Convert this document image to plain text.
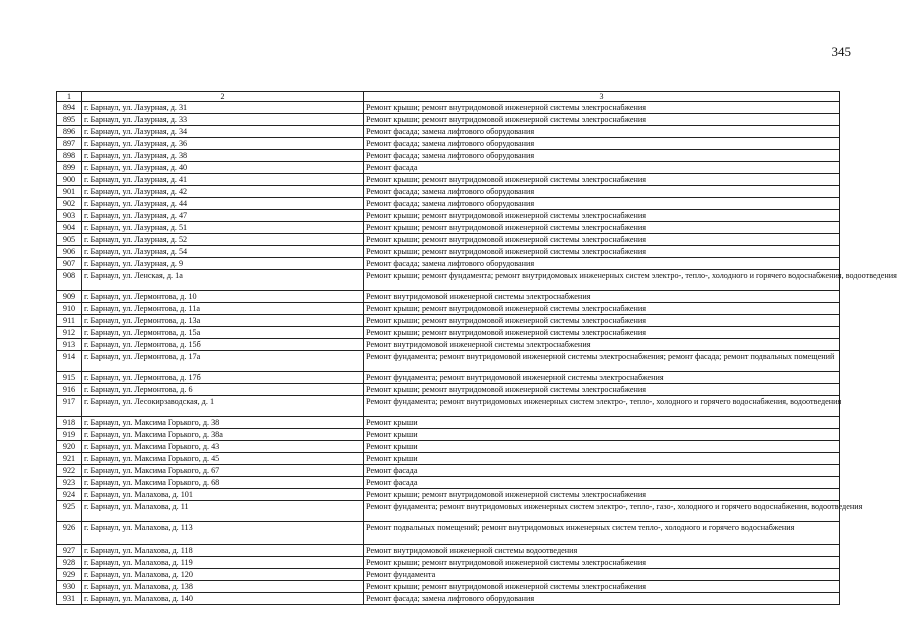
345
1	2	3
894	г. Барнаул, ул. Лазурная, д. 31	Ремонт крыши; ремонт внутридомовой инженерной системы электроснабжения
895	г. Барнаул, ул. Лазурная, д. 33	Ремонт крыши; ремонт внутридомовой инженерной системы электроснабжения
896	г. Барнаул, ул. Лазурная, д. 34	Ремонт фасада; замена лифтового оборудования
897	г. Барнаул, ул. Лазурная, д. 36	Ремонт фасада; замена лифтового оборудования
898	г. Барнаул, ул. Лазурная, д. 38	Ремонт фасада; замена лифтового оборудования
899	г. Барнаул, ул. Лазурная, д. 40	Ремонт фасада
900	г. Барнаул, ул. Лазурная, д. 41	Ремонт крыши; ремонт внутридомовой инженерной системы электроснабжения
901	г. Барнаул, ул. Лазурная, д. 42	Ремонт фасада; замена лифтового оборудования
902	г. Барнаул, ул. Лазурная, д. 44	Ремонт фасада; замена лифтового оборудования
903	г. Барнаул, ул. Лазурная, д. 47	Ремонт крыши; ремонт внутридомовой инженерной системы электроснабжения
904	г. Барнаул, ул. Лазурная, д. 51	Ремонт крыши; ремонт внутридомовой инженерной системы электроснабжения
905	г. Барнаул, ул. Лазурная, д. 52	Ремонт крыши; ремонт внутридомовой инженерной системы электроснабжения
906	г. Барнаул, ул. Лазурная, д. 54	Ремонт крыши; ремонт внутридомовой инженерной системы электроснабжения
907	г. Барнаул, ул. Лазурная, д. 9	Ремонт фасада; замена лифтового оборудования
908	г. Барнаул, ул. Ленская, д. 1а	Ремонт крыши; ремонт фундамента; ремонт внутридомовых инженерных систем электро-, тепло-, холодного и горячего водоснабжения, водоотведения
909	г. Барнаул, ул. Лермонтова, д. 10	Ремонт внутридомовой инженерной системы электроснабжения
910	г. Барнаул, ул. Лермонтова, д. 11а	Ремонт крыши; ремонт внутридомовой инженерной системы электроснабжения
911	г. Барнаул, ул. Лермонтова, д. 13а	Ремонт крыши; ремонт внутридомовой инженерной системы электроснабжения
912	г. Барнаул, ул. Лермонтова, д. 15а	Ремонт крыши; ремонт внутридомовой инженерной системы электроснабжения
913	г. Барнаул, ул. Лермонтова, д. 15б	Ремонт внутридомовой инженерной системы электроснабжения
914	г. Барнаул, ул. Лермонтова, д. 17а	Ремонт фундамента; ремонт внутридомовой инженерной системы электроснабжения; ремонт фасада; ремонт подвальных помещений
915	г. Барнаул, ул. Лермонтова, д. 17б	Ремонт фундамента; ремонт внутридомовой инженерной системы электроснабжения
916	г. Барнаул, ул. Лермонтова, д. 6	Ремонт крыши; ремонт внутридомовой инженерной системы электроснабжения
917	г. Барнаул, ул. Лесокирзаводская, д. 1	Ремонт фундамента; ремонт внутридомовых инженерных систем электро-, тепло-, холодного и горячего водоснабжения, водоотведения
918	г. Барнаул, ул. Максима Горького, д. 38	Ремонт крыши
919	г. Барнаул, ул. Максима Горького, д. 38а	Ремонт крыши
920	г. Барнаул, ул. Максима Горького, д. 43	Ремонт крыши
921	г. Барнаул, ул. Максима Горького, д. 45	Ремонт крыши
922	г. Барнаул, ул. Максима Горького, д. 67	Ремонт фасада
923	г. Барнаул, ул. Максима Горького, д. 68	Ремонт фасада
924	г. Барнаул, ул. Малахова, д. 101	Ремонт крыши; ремонт внутридомовой инженерной системы электроснабжения
925	г. Барнаул, ул. Малахова, д. 11	Ремонт фундамента; ремонт внутридомовых инженерных систем электро-, тепло-, газо-, холодного и горячего водоснабжения, водоотведения
926	г. Барнаул, ул. Малахова, д. 113	Ремонт подвальных помещений; ремонт внутридомовых инженерных систем тепло-, холодного и горячего водоснабжения
927	г. Барнаул, ул. Малахова, д. 118	Ремонт внутридомовой инженерной системы водоотведения
928	г. Барнаул, ул. Малахова, д. 119	Ремонт крыши; ремонт внутридомовой инженерной системы электроснабжения
929	г. Барнаул, ул. Малахова, д. 120	Ремонт фундамента
930	г. Барнаул, ул. Малахова, д. 138	Ремонт крыши; ремонт внутридомовой инженерной системы электроснабжения
931	г. Барнаул, ул. Малахова, д. 140	Ремонт фасада; замена лифтового оборудования
